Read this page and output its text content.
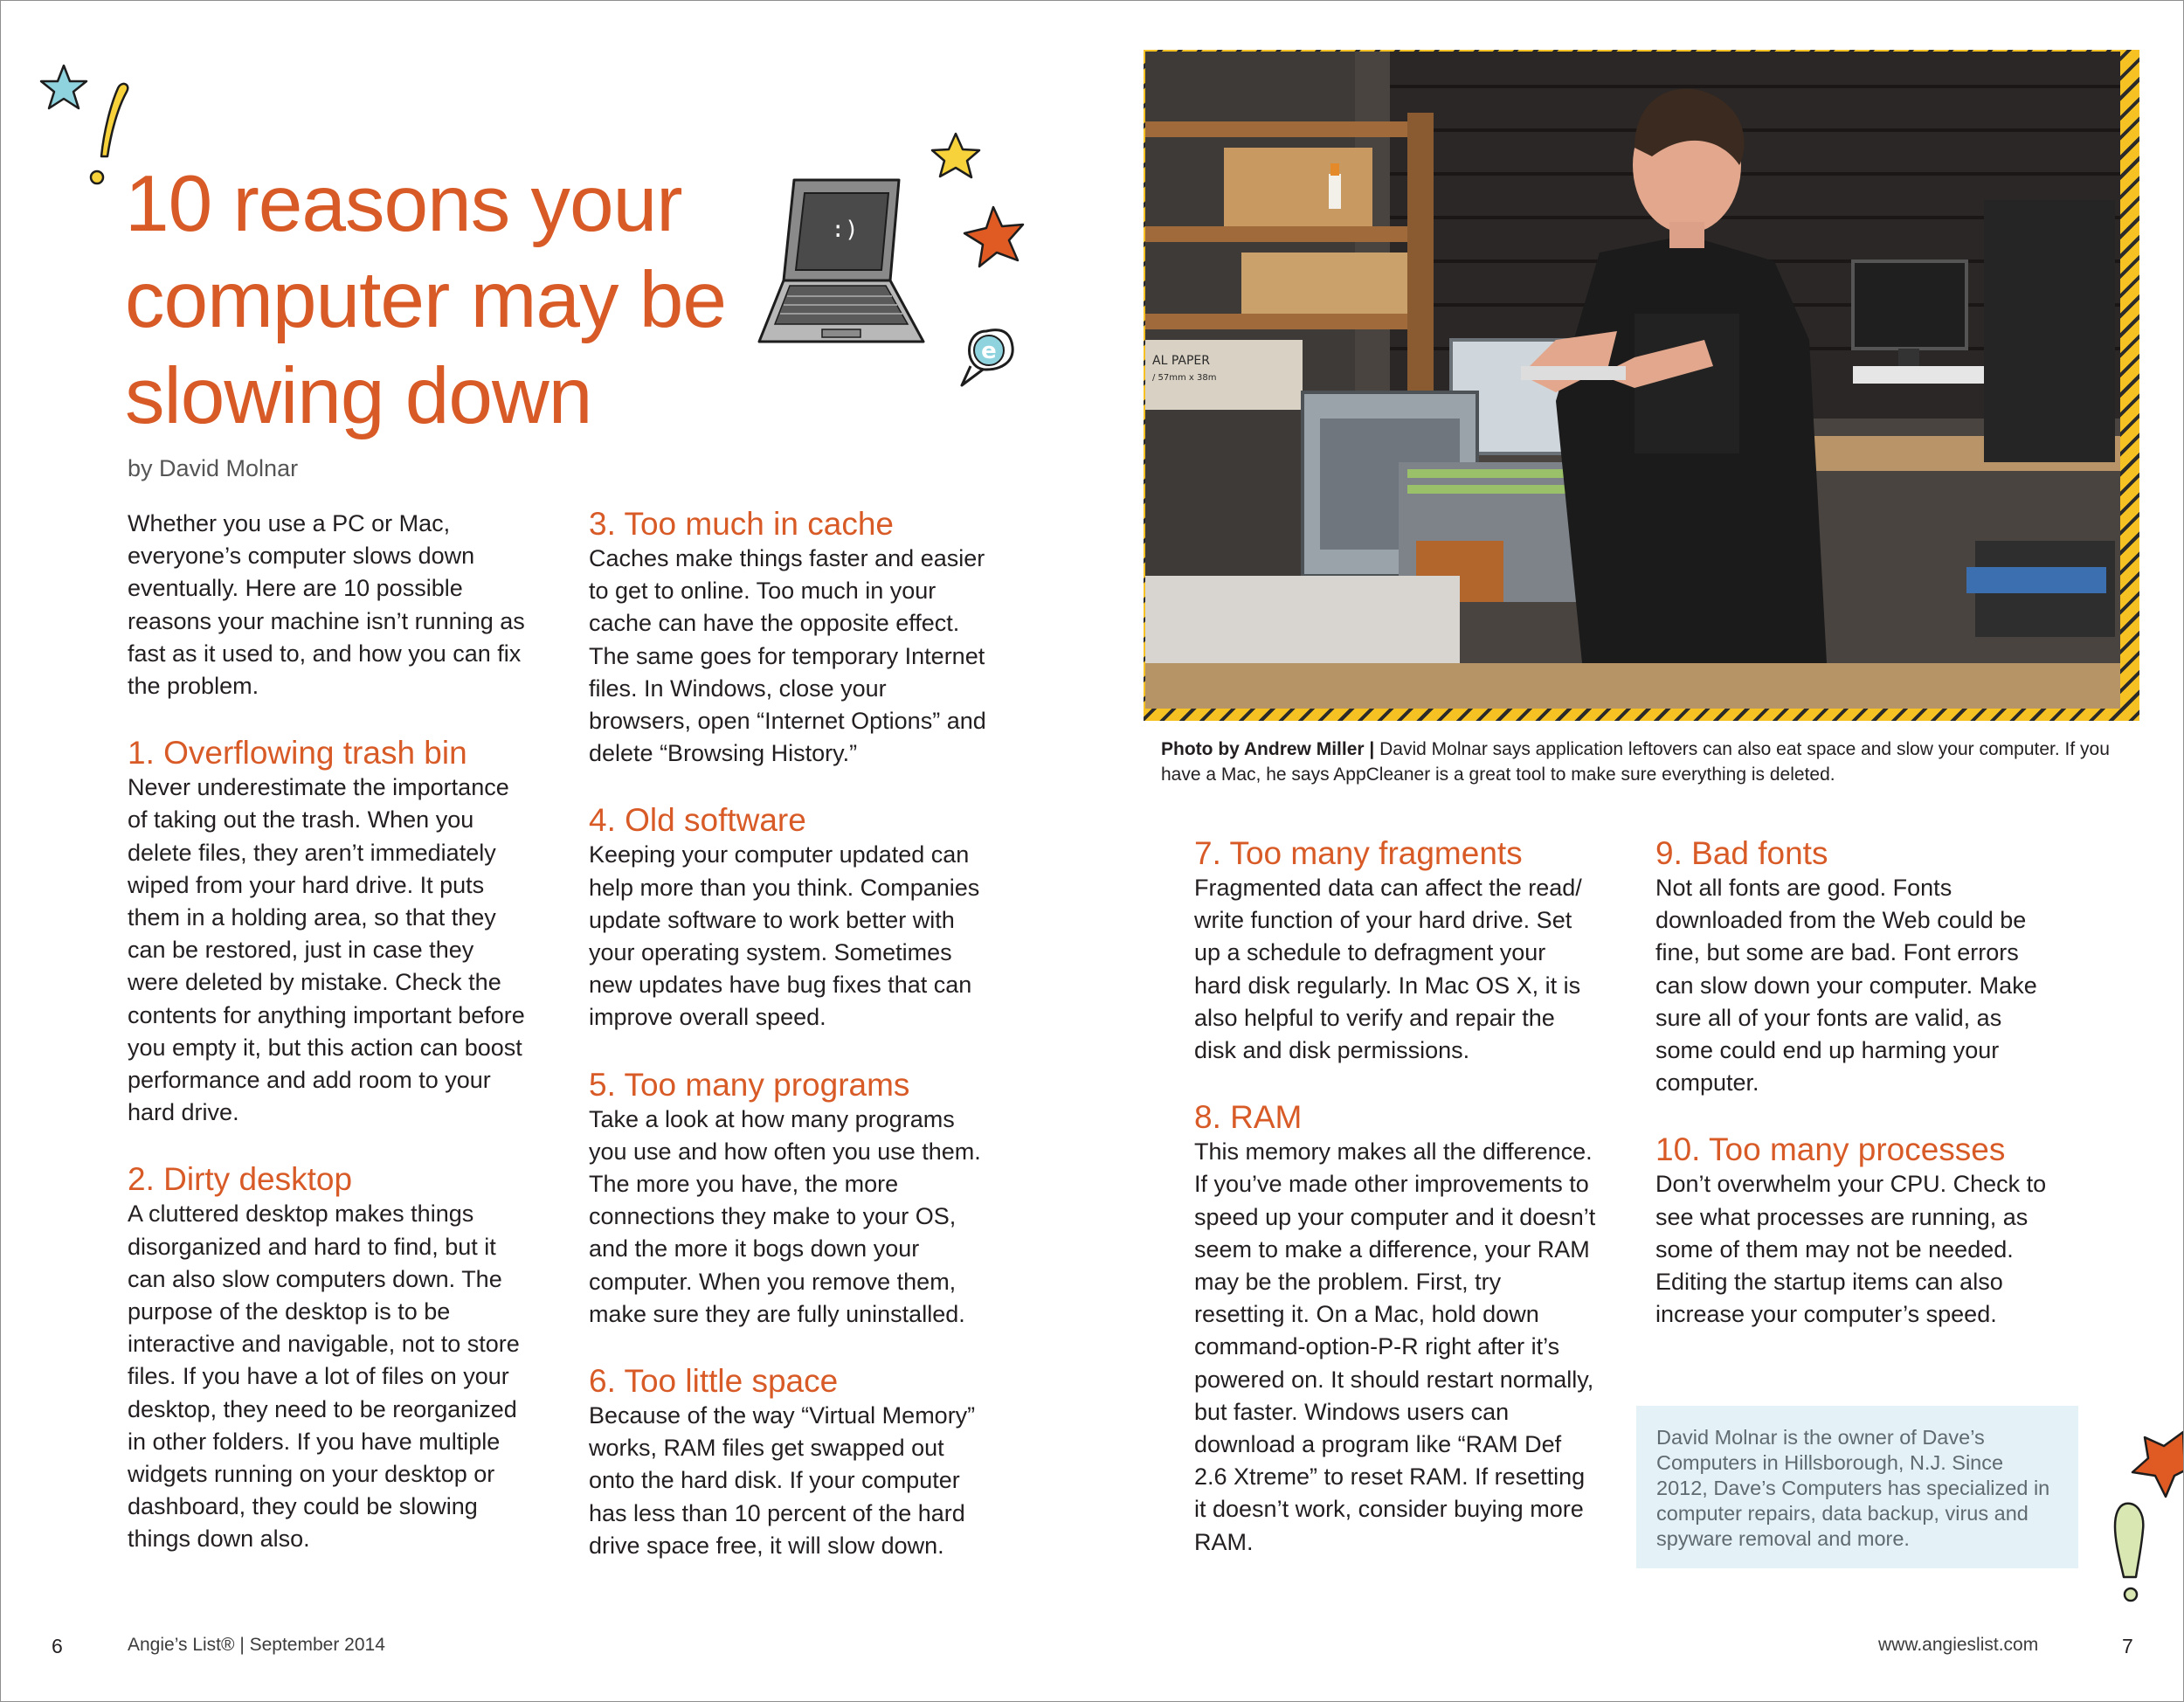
10 reasons your computer may be slowing down

by David Molnar

:)
e

Whether you use a PC or Mac, everyone’s computer slows down eventually. Here are 10 possible reasons your machine isn’t running as fast as it used to, and how you can fix the problem.

1. Overflowing trash bin

Never underestimate the importance of taking out the trash. When you delete files, they aren’t immediately wiped from your hard drive. It puts them in a holding area, so that they can be restored, just in case they were deleted by mistake. Check the contents for anything important before you empty it, but this action can boost performance and add room to your hard drive.

2. Dirty desktop

A cluttered desktop makes things disorganized and hard to find, but it can also slow computers down. The purpose of the desktop is to be interactive and navigable, not to store files. If you have a lot of files on your desktop, they need to be reorganized in other folders. If you have multiple widgets running on your desktop or dashboard, they could be slowing things down also.

3. Too much in cache

Caches make things faster and easier to get to online. Too much in your cache can have the opposite effect. The same goes for temporary Internet files. In Windows, close your browsers, open “Internet Options” and delete “Browsing History.”

4. Old software

Keeping your computer updated can help more than you think. Companies update software to work better with your operating system. Sometimes new updates have bug fixes that can improve overall speed.

5. Too many programs

Take a look at how many programs you use and how often you use them. The more you have, the more connections they make to your OS, and the more it bogs down your computer. When you remove them, make sure they are fully uninstalled.

6. Too little space

Because of the way “Virtual Memory” works, RAM files get swapped out onto the hard disk. If your computer has less than 10 percent of the hard drive space free, it will slow down.

AL PAPER
/ 57mm x 38m

Photo by Andrew Miller | David Molnar says application leftovers can also eat space and slow your computer. If you have a Mac, he says AppCleaner is a great tool to make sure everything is deleted.

7. Too many fragments

Fragmented data can affect the read/ write function of your hard drive. Set up a schedule to defragment your hard disk regularly. In Mac OS X, it is also helpful to verify and repair the disk and disk permissions.

8. RAM

This memory makes all the difference. If you’ve made other improvements to speed up your computer and it doesn’t seem to make a difference, your RAM may be the problem. First, try resetting it. On a Mac, hold down command-option-P-R right after it’s powered on. It should restart normally, but faster. Windows users can download a program like “RAM Def 2.6 Xtreme” to reset RAM. If resetting it doesn’t work, consider buying more RAM.

9. Bad fonts

Not all fonts are good. Fonts downloaded from the Web could be fine, but some are bad. Font errors can slow down your computer. Make sure all of your fonts are valid, as some could end up harming your computer.

10. Too many processes

Don’t overwhelm your CPU. Check to see what processes are running, as some of them may not be needed. Editing the startup items can also increase your computer’s speed.

David Molnar is the owner of Dave’s Computers in Hillsborough, N.J. Since 2012, Dave’s Computers has specialized in computer repairs, data backup, virus and spyware removal and more.

6	Angie’s List® | September 2014	www.angieslist.com	7
